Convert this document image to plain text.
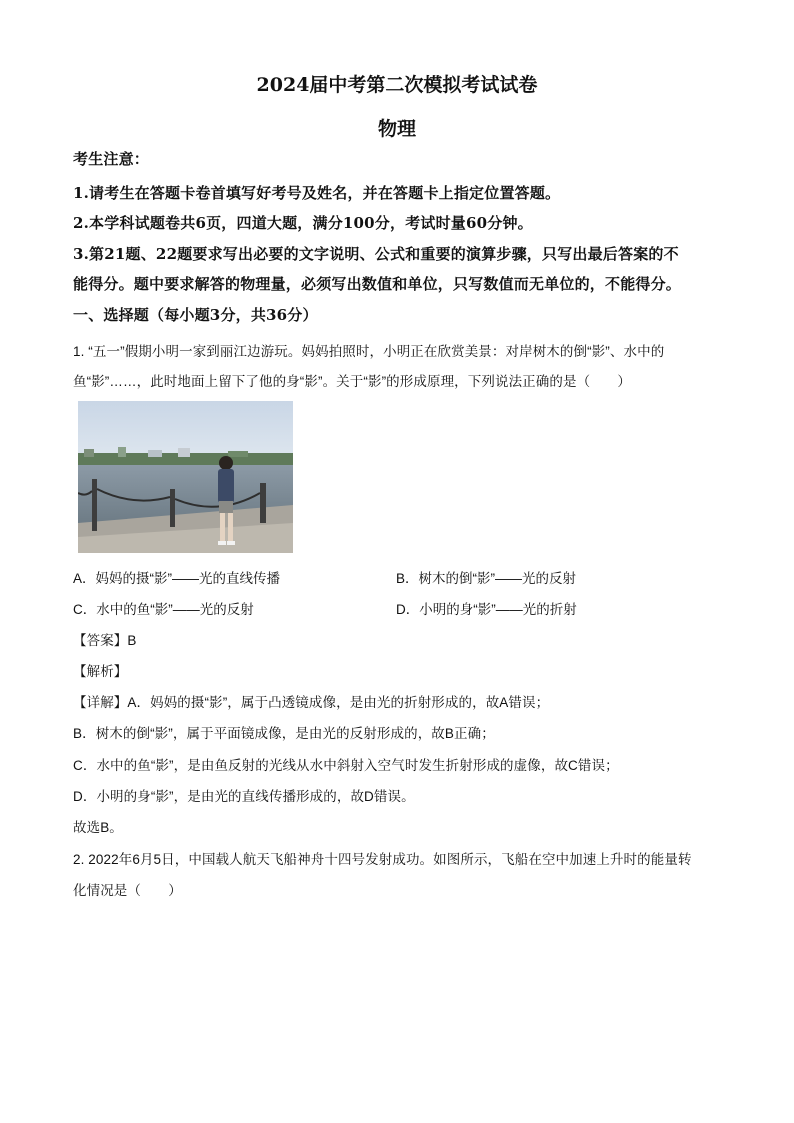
2024届中考第二次模拟考试试卷
物理
考生注意：
1.请考生在答题卡卷首填写好考号及姓名，并在答题卡上指定位置答题。
2.本学科试题卷共6页，四道大题，满分100分，考试时量60分钟。
3.第21题、22题要求写出必要的文字说明、公式和重要的演算步骤，只写出最后答案的不
能得分。题中要求解答的物理量，必须写出数值和单位，只写数值而无单位的，不能得分。
一、选择题（每小题3分，共36分）
1. “五一”假期小明一家到丽江边游玩。妈妈拍照时，小明正在欣赏美景：对岸树木的倒“影”、水中的
鱼“影”……，此时地面上留下了他的身“影”。关于“影”的形成原理，下列说法正确的是（　　）
A．妈妈的摄“影”——光的直线传播	B．树木的倒“影”——光的反射
C．水中的鱼“影”——光的反射	D．小明的身“影”——光的折射
【答案】B
【解析】
【详解】A．妈妈的摄“影”，属于凸透镜成像，是由光的折射形成的，故A错误；
B．树木的倒“影”，属于平面镜成像，是由光的反射形成的，故B正确；
C．水中的鱼“影”，是由鱼反射的光线从水中斜射入空气时发生折射形成的虚像，故C错误；
D．小明的身“影”，是由光的直线传播形成的，故D错误。
故选B。
2. 2022年6月5日，中国载人航天飞船神舟十四号发射成功。如图所示，飞船在空中加速上升时的能量转
化情况是（　　）
